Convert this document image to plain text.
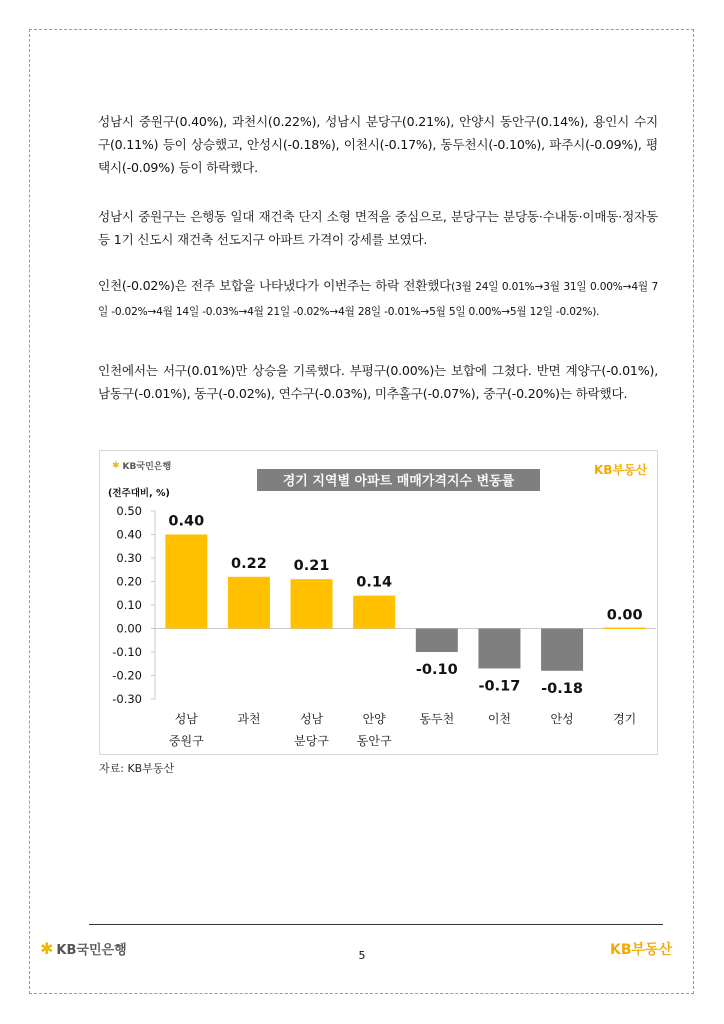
성남시 중원구(0.40%), 과천시(0.22%), 성남시 분당구(0.21%), 안양시 동안구(0.14%), 용인시 수지구(0.11%) 등이 상승했고, 안성시(-0.18%), 이천시(-0.17%), 동두천시(-0.10%), 파주시(-0.09%), 평택시(-0.09%) 등이 하락했다.

성남시 중원구는 은행동 일대 재건축 단지 소형 면적을 중심으로, 분당구는 분당동·수내동·이매동·정자동 등 1기 신도시 재건축 선도지구 아파트 가격이 강세를 보였다.

인천(-0.02%)은 전주 보합을 나타냈다가 이번주는 하락 전환했다(3월 24일 0.01%→3월 31일 0.00%→4월 7일 -0.02%→4월 14일 -0.03%→4월 21일 -0.02%→4월 28일 -0.01%→5월 5일 0.00%→5월 12일 -0.02%).

인천에서는 서구(0.01%)만 상승을 기록했다. 부평구(0.00%)는 보합에 그쳤다. 반면 계양구(-0.01%), 남동구(-0.01%), 동구(-0.02%), 연수구(-0.03%), 미추홀구(-0.07%), 중구(-0.20%)는 하락했다.

✱ KB국민은행	KB부동산
경기 지역별 아파트 매매가격지수 변동률
(전주대비, %)
0.50
0.40
0.30
0.20
0.10
0.00
-0.10
-0.20
-0.30
0.40
성남
중원구
0.22
과천
0.21
성남
분당구
0.14
안양
동안구
-0.10
동두천
-0.17
이천
-0.18
안성
0.00
경기
자료: KB부동산
✱ KB국민은행	5	KB부동산
